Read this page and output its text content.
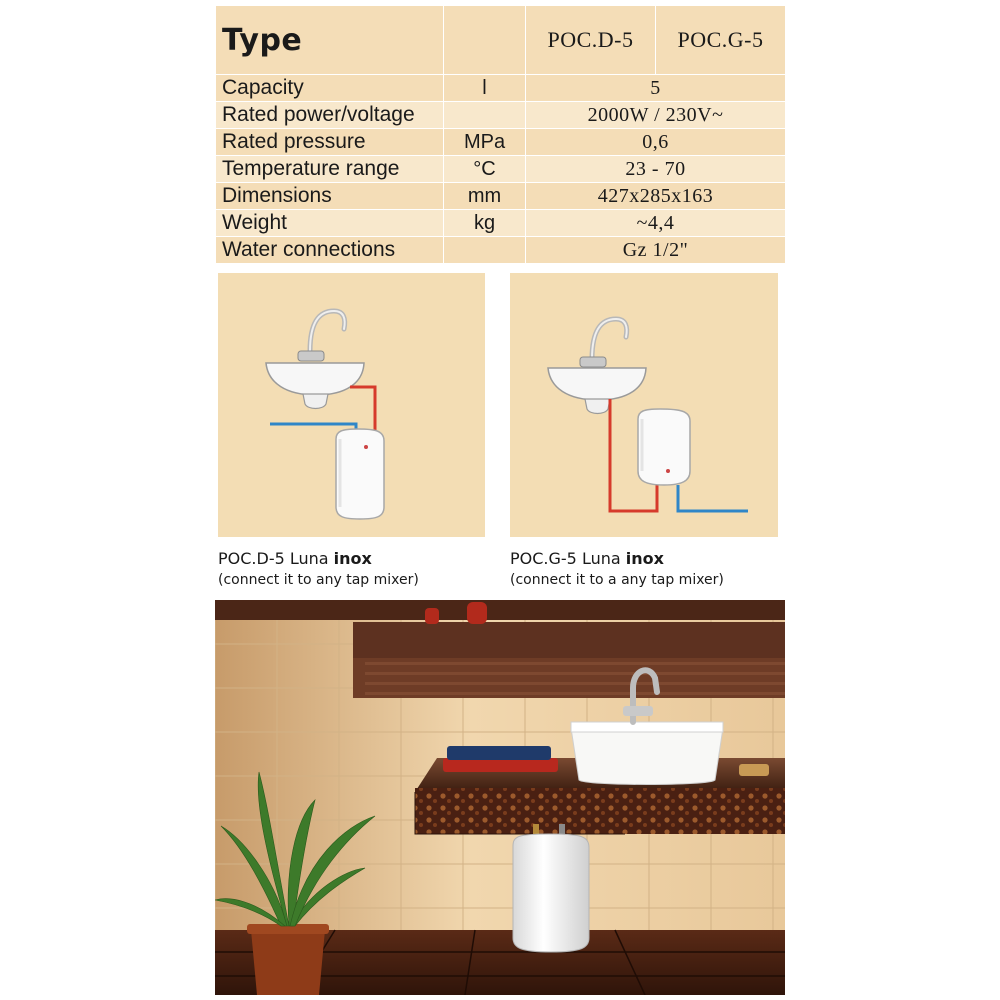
Type		POC.D-5	POC.G-5
Capacity	l	5	
Rated power/voltage		2000W / 230V~	
Rated pressure	MPa	0,6	
Temperature range	°C	23 - 70	
Dimensions	mm	427x285x163	
Weight	kg	~4,4	
Water connections		Gz 1/2"	
POC.D-5 Luna inox
(connect it to any tap mixer)
POC.G-5 Luna inox
(connect it to a any tap mixer)
